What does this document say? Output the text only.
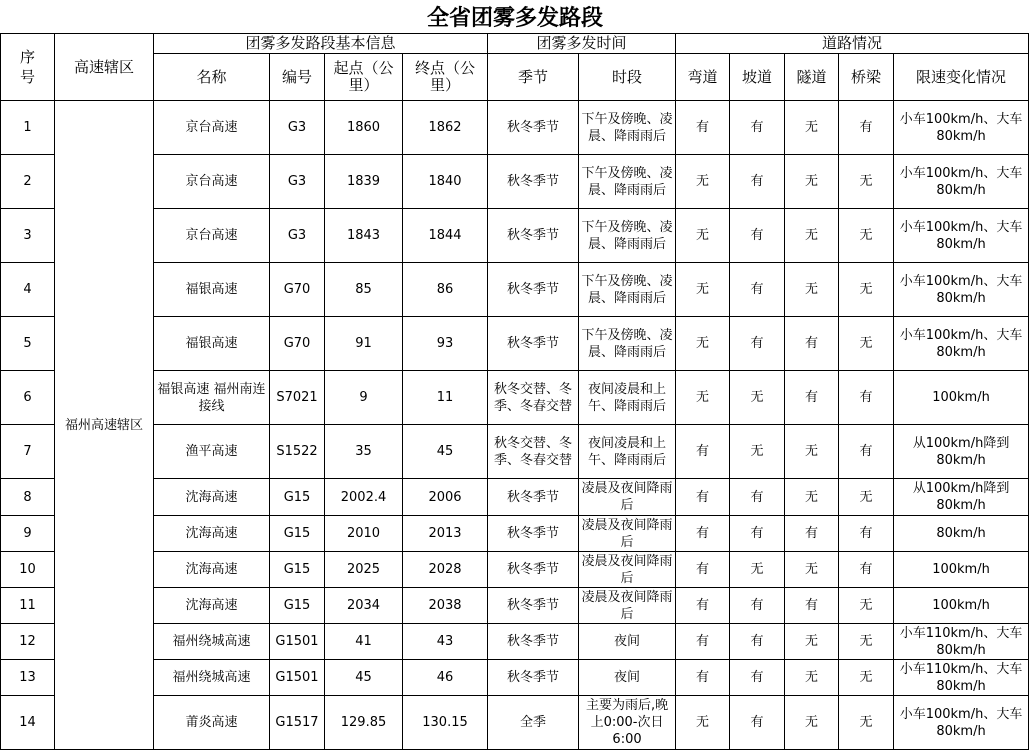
全省团雾多发路段
序号	高速辖区	团雾多发路段基本信息				团雾多发时间		道路情况				
		名称	编号	起点（公里）	终点（公里）	季节	时段	弯道	坡道	隧道	桥梁	限速变化情况
1	福州高速辖区	京台高速	G3	1860	1862	秋冬季节	下午及傍晚、凌晨、降雨雨后	有	有	无	有	小车100km/h、大车80km/h
2		京台高速	G3	1839	1840	秋冬季节	下午及傍晚、凌晨、降雨雨后	无	有	无	无	小车100km/h、大车80km/h
3		京台高速	G3	1843	1844	秋冬季节	下午及傍晚、凌晨、降雨雨后	无	有	无	无	小车100km/h、大车80km/h
4		福银高速	G70	85	86	秋冬季节	下午及傍晚、凌晨、降雨雨后	无	有	无	无	小车100km/h、大车80km/h
5		福银高速	G70	91	93	秋冬季节	下午及傍晚、凌晨、降雨雨后	无	有	有	无	小车100km/h、大车80km/h
6		福银高速 福州南连接线	S7021	9	11	秋冬交替、冬季、冬春交替	夜间凌晨和上午、降雨雨后	无	无	有	有	100km/h
7		渔平高速	S1522	35	45	秋冬交替、冬季、冬春交替	夜间凌晨和上午、降雨雨后	有	无	无	有	从100km/h降到80km/h
8		沈海高速	G15	2002.4	2006	秋冬季节	凌晨及夜间降雨后	有	有	无	无	从100km/h降到80km/h
9		沈海高速	G15	2010	2013	秋冬季节	凌晨及夜间降雨后	有	有	有	有	80km/h
10		沈海高速	G15	2025	2028	秋冬季节	凌晨及夜间降雨后	有	无	无	有	100km/h
11		沈海高速	G15	2034	2038	秋冬季节	凌晨及夜间降雨后	有	有	有	无	100km/h
12		福州绕城高速	G1501	41	43	秋冬季节	夜间	有	有	无	无	小车110km/h、大车80km/h
13		福州绕城高速	G1501	45	46	秋冬季节	夜间	有	有	无	无	小车110km/h、大车80km/h
14		莆炎高速	G1517	129.85	130.15	全季	主要为雨后,晚上0:00-次日6:00	无	有	无	无	小车100km/h、大车80km/h
